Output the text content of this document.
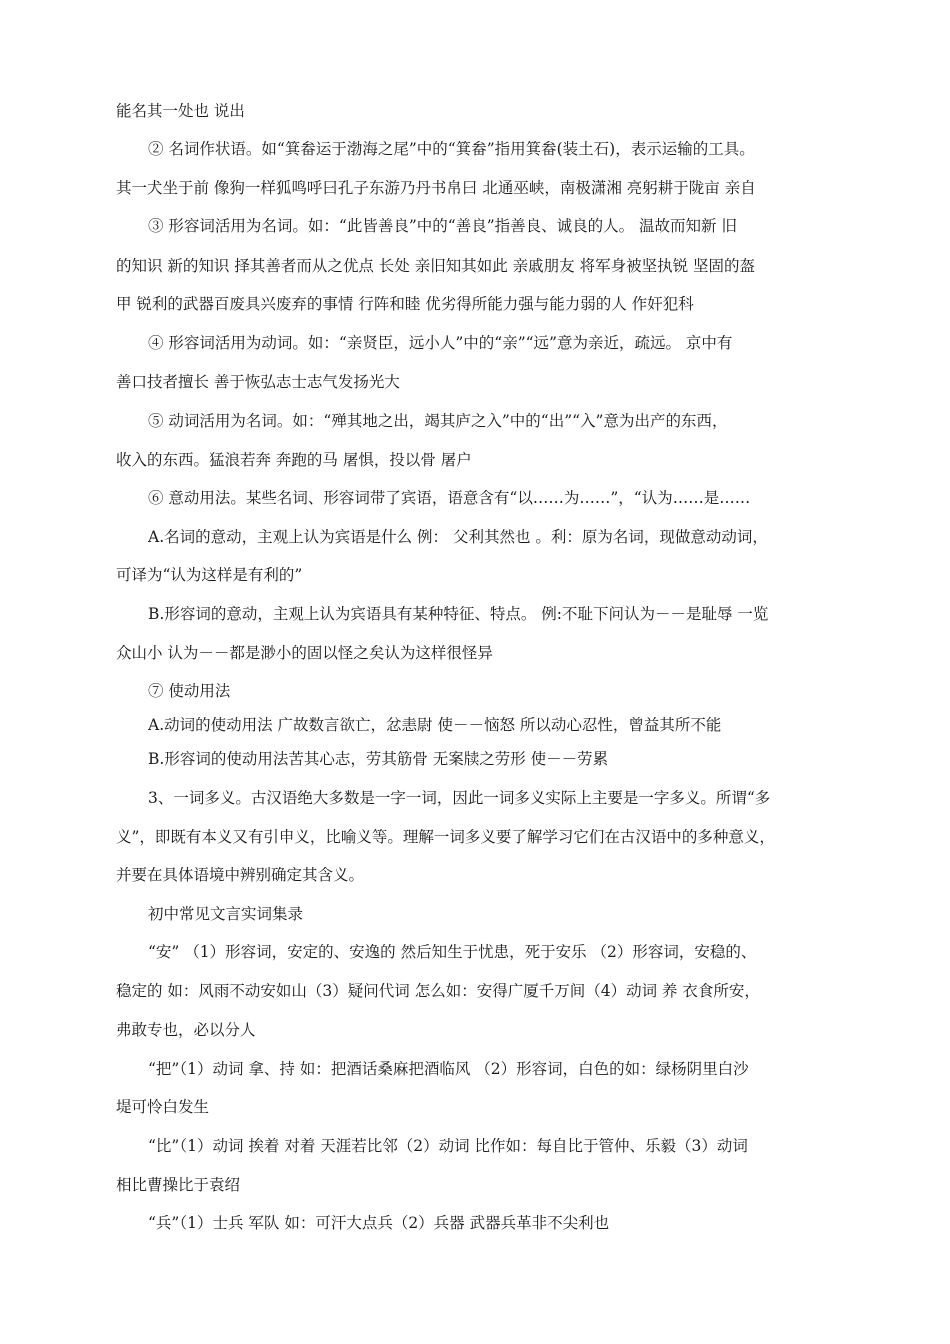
能名其一处也 说出
② 名词作状语。如“箕畚运于渤海之尾”中的“箕畚”指用箕畚(装土石)，表示运输的工具。
其一犬坐于前 像狗一样狐鸣呼曰孔子东游乃丹书帛曰 北通巫峡，南极潇湘 亮躬耕于陇亩 亲自
③ 形容词活用为名词。如：“此皆善良”中的“善良”指善良、诚良的人。 温故而知新 旧
的知识 新的知识 择其善者而从之优点 长处 亲旧知其如此 亲戚朋友 将军身被坚执锐 坚固的盔
甲 锐利的武器百废具兴废弃的事情 行阵和睦 优劣得所能力强与能力弱的人 作奸犯科
④ 形容词活用为动词。如：“亲贤臣，远小人”中的“亲”“远”意为亲近，疏远。 京中有
善口技者擅长 善于恢弘志士志气发扬光大
⑤ 动词活用为名词。如：“殚其地之出，竭其庐之入”中的“出”“入”意为出产的东西，
收入的东西。猛浪若奔 奔跑的马 屠惧，投以骨 屠户
⑥ 意动用法。某些名词、形容词带了宾语，语意含有“以……为……”，“认为……是……
A.名词的意动，主观上认为宾语是什么 例： 父利其然也 。利：原为名词，现做意动动词，
可译为“认为这样是有利的”
B.形容词的意动，主观上认为宾语具有某种特征、特点。 例:不耻下问认为－－是耻辱 一览
众山小 认为－－都是渺小的固以怪之矣认为这样很怪异
⑦ 使动用法
A.动词的使动用法 广故数言欲亡，忿恚尉 使－－恼怒 所以动心忍性，曾益其所不能
B.形容词的使动用法苦其心志，劳其筋骨 无案牍之劳形 使－－劳累
3、一词多义。古汉语绝大多数是一字一词，因此一词多义实际上主要是一字多义。所谓“多
义”，即既有本义又有引申义，比喻义等。理解一词多义要了解学习它们在古汉语中的多种意义，
并要在具体语境中辨别确定其含义。
初中常见文言实词集录
“安” （1）形容词，安定的、安逸的 然后知生于忧患，死于安乐 （2）形容词，安稳的、
稳定的 如：风雨不动安如山（3）疑问代词 怎么如：安得广厦千万间（4）动词 养 衣食所安，
弗敢专也，必以分人
“把”（1）动词 拿、持 如：把酒话桑麻把酒临风 （2）形容词，白色的如：绿杨阴里白沙
堤可怜白发生
“比”（1）动词 挨着 对着 天涯若比邻（2）动词 比作如：每自比于管仲、乐毅（3）动词
相比曹操比于袁绍
“兵”（1）士兵 军队 如：可汗大点兵（2）兵器 武器兵革非不尖利也
